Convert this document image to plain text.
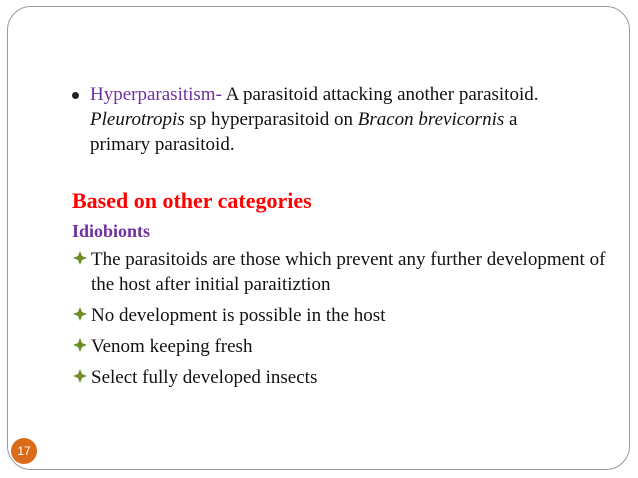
Hyperparasitism- A parasitoid attacking another parasitoid.
Pleurotropis sp hyperparasitoid on Bracon brevicornis a
primary parasitoid.
Based on other categories
Idiobionts
The parasitoids are those which prevent any further development of the host after initial paraitiztion
No development is possible in the host
Venom keeping fresh
Select fully developed insects
17
